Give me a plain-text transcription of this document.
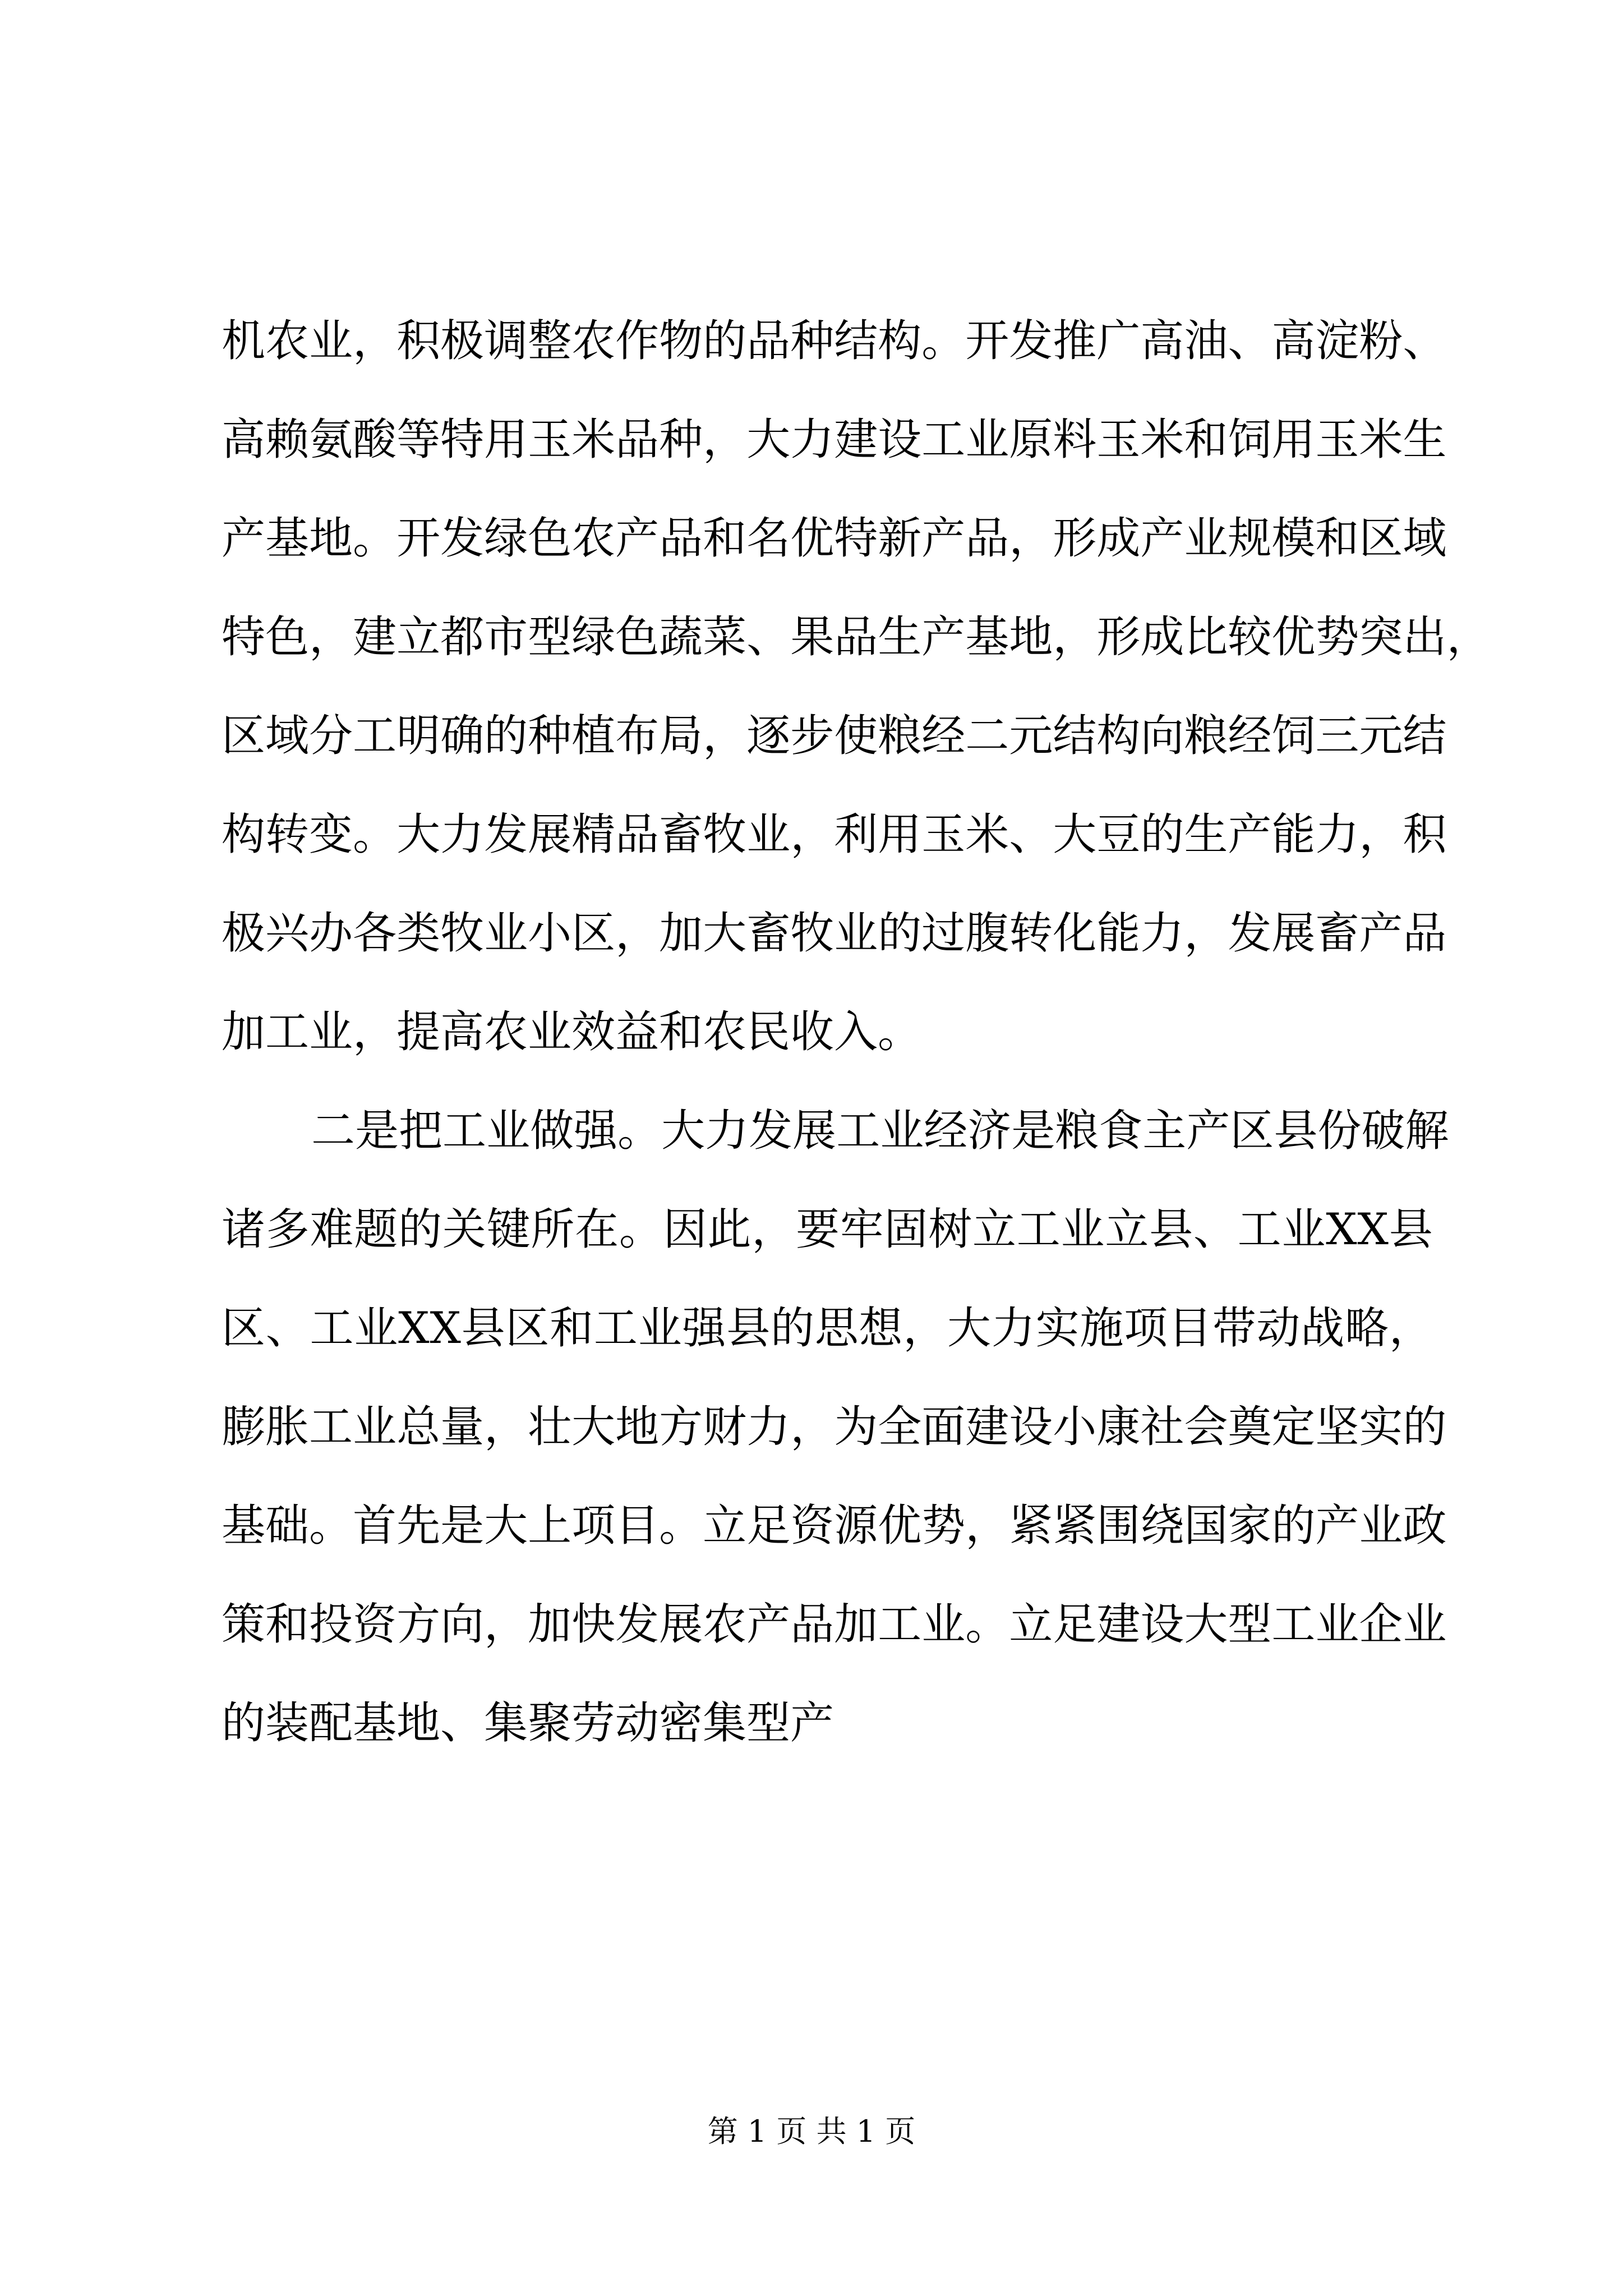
机 农 业 ， 积 极 调 整 农 作 物 的 品 种 结 构 。 开 发 推 广 高 油 、 高 淀 粉 、
高 赖 氨 酸 等 特 用 玉 米 品 种 ， 大 力 建 设 工 业 原 料 玉 米 和 饲 用 玉 米 生
产 基 地 。 开 发 绿 色 农 产 品 和 名 优 特 新 产 品 ， 形 成 产 业 规 模 和 区 域
特 色 ， 建 立 都 市 型 绿 色 蔬 菜 、 果 品 生 产 基 地 ， 形 成 比 较 优 势 突 出 ，
区 域 分 工 明 确 的 种 植 布 局 ， 逐 步 使 粮 经 二 元 结 构 向 粮 经 饲 三 元 结
构 转 变 。 大 力 发 展 精 品 畜 牧 业 ， 利 用 玉 米 、 大 豆 的 生 产 能 力 ， 积
极 兴 办 各 类 牧 业 小 区 ， 加 大 畜 牧 业 的 过 腹 转 化 能 力 ， 发 展 畜 产 品
加工业，提高农业效益和农民收入。
二 是 把 工 业 做 强 。 大 力 发 展 工 业 经 济 是 粮 食 主 产 区 县 份 破 解
诸 多 难 题 的 关 键 所 在 。 因 此 ， 要 牢 固 树 立 工 业 立 县 、 工 业 X X 县
区 、 工 业 X X 县 区 和 工 业 强 县 的 思 想 ， 大 力 实 施 项 目 带 动 战 略 ，
膨 胀 工 业 总 量 ， 壮 大 地 方 财 力 ， 为 全 面 建 设 小 康 社 会 奠 定 坚 实 的
基 础 。 首 先 是 大 上 项 目 。 立 足 资 源 优 势 ， 紧 紧 围 绕 国 家 的 产 业 政
策 和 投 资 方 向 ， 加 快 发 展 农 产 品 加 工 业 。 立 足 建 设 大 型 工 业 企 业
的装配基地、集聚劳动密集型产
第 1 页 共 1 页
